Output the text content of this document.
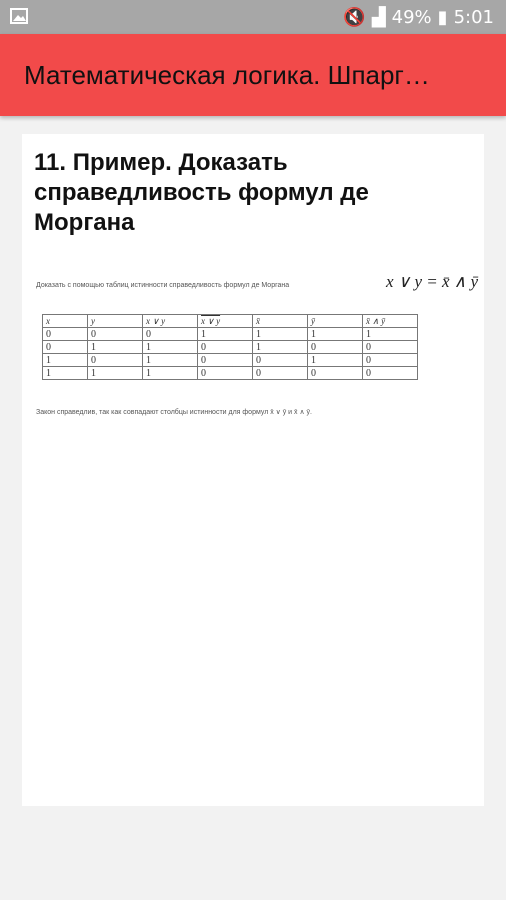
🔇 ▟ 49% ▮ 5:01
Математическая логика. Шпарг…
11. Пример. Доказать справедливость формул де Моргана
Доказать с помощью таблиц истинности справедливость формул де Моргана	x ∨ y = x̄ ∧ ȳ
x	y	x ∨ y	x ∨ y	x̄	ȳ	x̄ ∧ ȳ
0	0	0	1	1	1	1
0	1	1	0	1	0	0
1	0	1	0	0	1	0
1	1	1	0	0	0	0
Закон справедлив, так как совпадают столбцы истинности для формул x̄ ∨ ȳ и x̄ ∧ ȳ.
